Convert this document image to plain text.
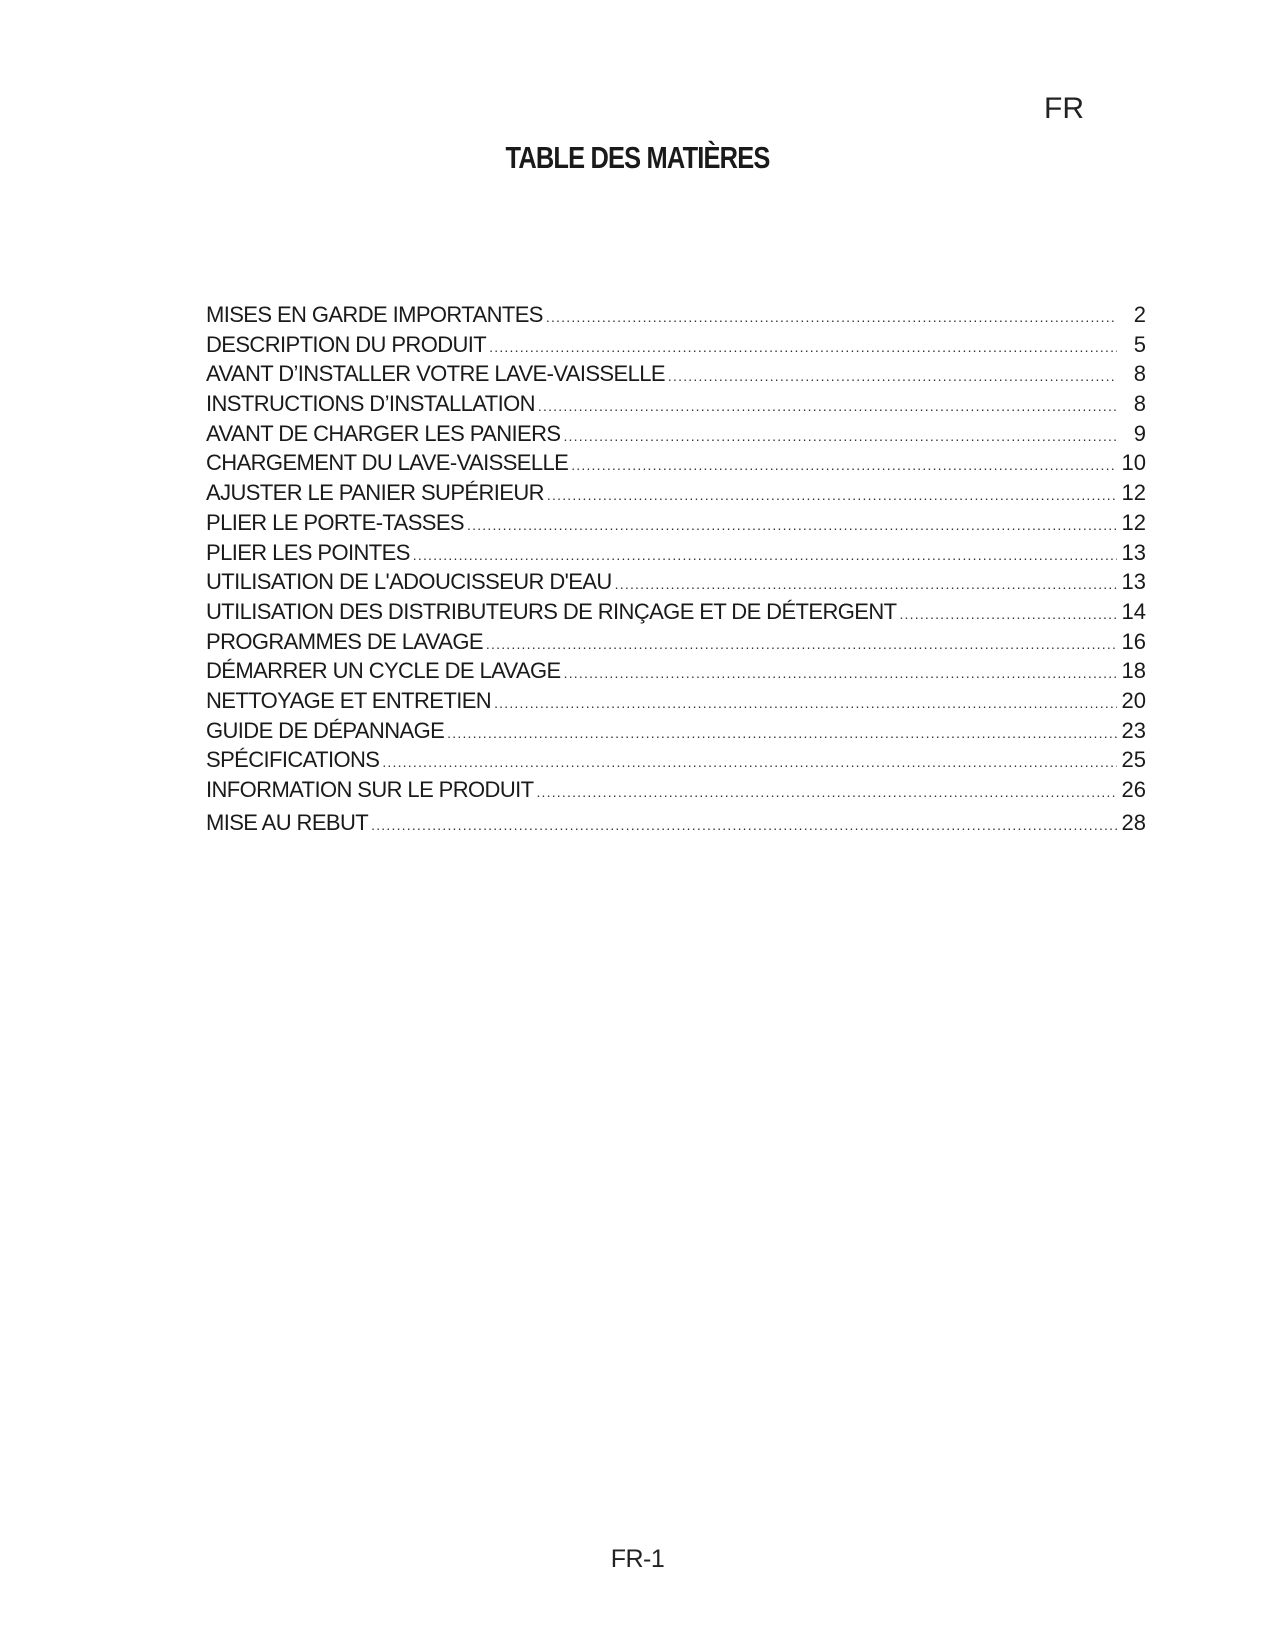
FR
TABLE DES MATIÈRES
MISES EN GARDE IMPORTANTES .....	2
DESCRIPTION DU PRODUIT .....	5
AVANT D’INSTALLER VOTRE LAVE-VAISSELLE .....	8
INSTRUCTIONS D’INSTALLATION .....	8
AVANT DE CHARGER LES PANIERS .....	9
CHARGEMENT DU LAVE-VAISSELLE .....	10
AJUSTER LE PANIER SUPÉRIEUR .....	12
PLIER LE PORTE-TASSES .....	12
PLIER LES POINTES .....	13
UTILISATION DE L'ADOUCISSEUR D'EAU .....	13
UTILISATION DES DISTRIBUTEURS DE RINÇAGE ET DE DÉTERGENT .....	14
PROGRAMMES DE LAVAGE .....	16
DÉMARRER UN CYCLE DE LAVAGE .....	18
NETTOYAGE ET ENTRETIEN .....	20
GUIDE DE DÉPANNAGE .....	23
SPÉCIFICATIONS .....	25
INFORMATION SUR LE PRODUIT .....	26
MISE AU REBUT .....	28
FR-1
